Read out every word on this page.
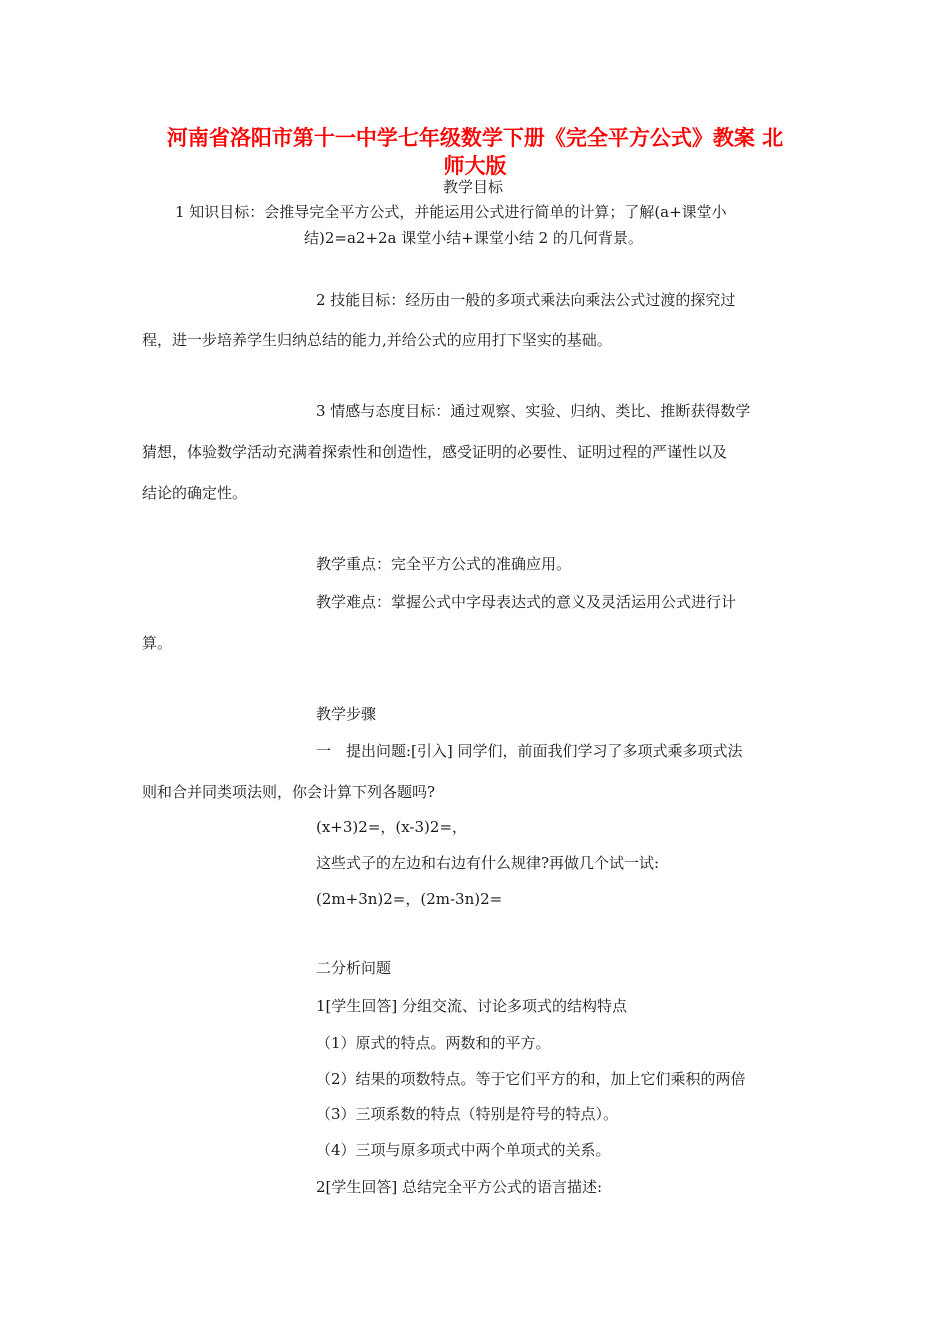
河南省洛阳市第十一中学七年级数学下册《完全平方公式》教案 北
师大版
教学目标
1 知识目标：会推导完全平方公式，并能运用公式进行简单的计算；了解(a+课堂小
结)2=a2+2a 课堂小结+课堂小结 2 的几何背景。
2 技能目标：经历由一般的多项式乘法向乘法公式过渡的探究过
程，进一步培养学生归纳总结的能力,并给公式的应用打下坚实的基础。
3 情感与态度目标：通过观察、实验、归纳、类比、推断获得数学
猜想，体验数学活动充满着探索性和创造性，感受证明的必要性、证明过程的严谨性以及
结论的确定性。
教学重点：完全平方公式的准确应用。
教学难点：掌握公式中字母表达式的意义及灵活运用公式进行计
算。
教学步骤
一　提出问题:[引入] 同学们，前面我们学习了多项式乘多项式法
则和合并同类项法则，你会计算下列各题吗?
(x+3)2=，(x-3)2=，
这些式子的左边和右边有什么规律?再做几个试一试:
(2m+3n)2=，(2m-3n)2=
二分析问题
1[学生回答] 分组交流、讨论多项式的结构特点
（1）原式的特点。两数和的平方。
（2）结果的项数特点。等于它们平方的和，加上它们乘积的两倍
（3）三项系数的特点（特别是符号的特点）。
（4）三项与原多项式中两个单项式的关系。
2[学生回答] 总结完全平方公式的语言描述:
